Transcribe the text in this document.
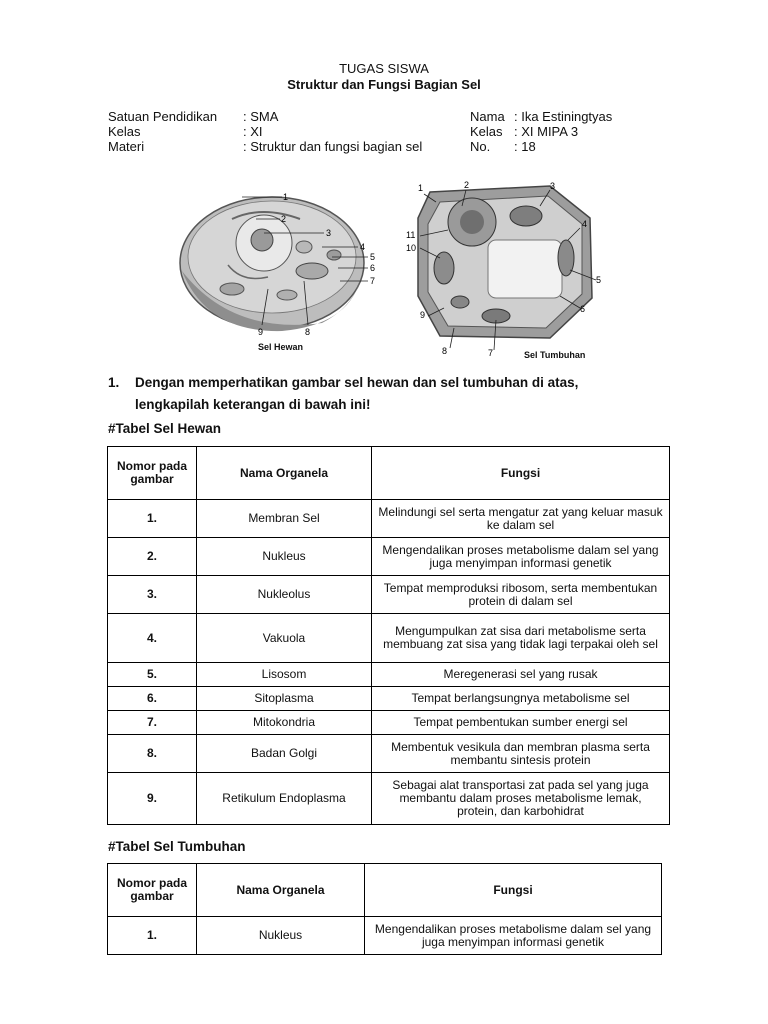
TUGAS SISWA
Struktur dan Fungsi Bagian Sel
Satuan Pendidikan : SMA
Kelas	: XI
Materi	: Struktur dan fungsi bagian sel
Nama : Ika Estiningtyas
Kelas : XI MIPA 3
No. : 18
1
2
3
4
5
6
7
8
9
Sel Hewan
1	2	3
4
5
6
7
8
9
10
11
Sel Tumbuhan
1. Dengan memperhatikan gambar sel hewan dan sel tumbuhan di atas, lengkapilah keterangan di bawah ini!
#Tabel Sel Hewan
Nomor pada gambar	Nama Organela	Fungsi
1.	Membran Sel	Melindungi sel serta mengatur zat yang keluar masuk ke dalam sel
2.	Nukleus	Mengendalikan proses metabolisme dalam sel yang juga menyimpan informasi genetik
3.	Nukleolus	Tempat memproduksi ribosom, serta membentukan protein di dalam sel
4.	Vakuola	Mengumpulkan zat sisa dari metabolisme serta membuang zat sisa yang tidak lagi terpakai oleh sel
5.	Lisosom	Meregenerasi sel yang rusak
6.	Sitoplasma	Tempat berlangsungnya metabolisme sel
7.	Mitokondria	Tempat pembentukan sumber energi sel
8.	Badan Golgi	Membentuk vesikula dan membran plasma serta membantu sintesis protein
9.	Retikulum Endoplasma	Sebagai alat transportasi zat pada sel yang juga membantu dalam proses metabolisme lemak, protein, dan karbohidrat
#Tabel Sel Tumbuhan
Nomor pada gambar	Nama Organela	Fungsi
1.	Nukleus	Mengendalikan proses metabolisme dalam sel yang juga menyimpan informasi genetik
